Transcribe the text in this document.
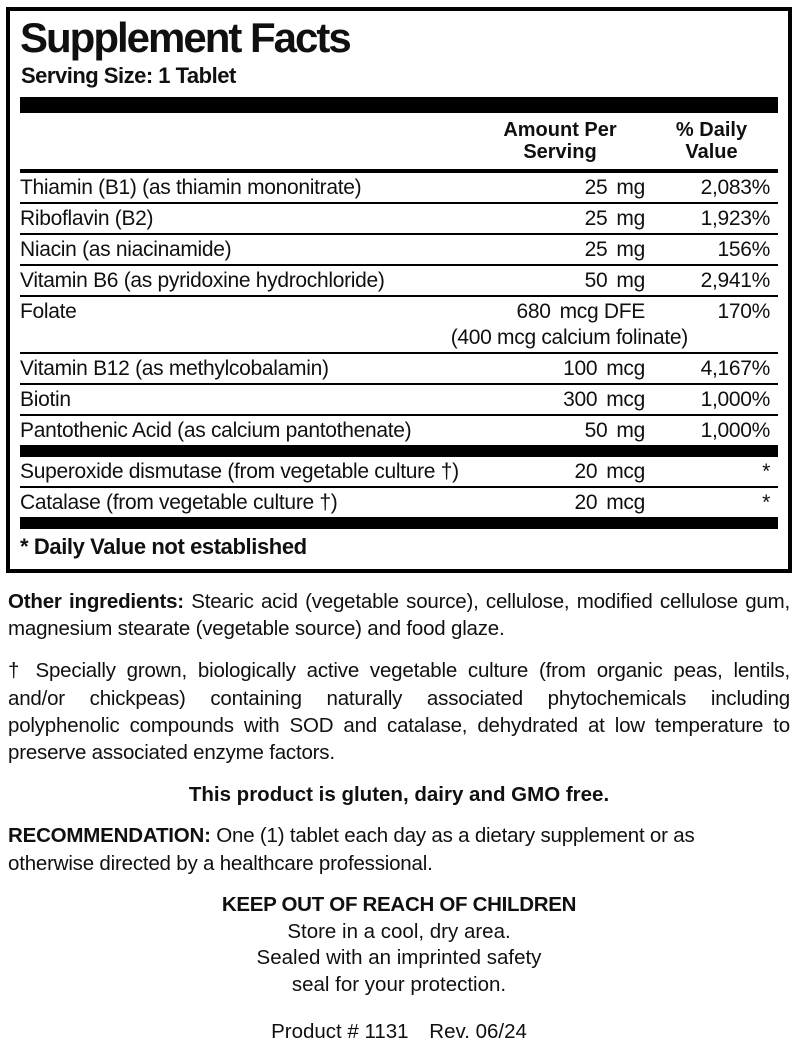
Supplement Facts
Serving Size: 1 Tablet
Amount Per
Serving
% Daily
Value
Thiamin (B1) (as thiamin mononitrate)	25 mg	2,083%
Riboflavin (B2)	25 mg	1,923%
Niacin (as niacinamide)	25 mg	156%
Vitamin B6 (as pyridoxine hydrochloride)	50 mg	2,941%
Folate	680 mcg DFE	170%
(400 mcg calcium folinate)
Vitamin B12 (as methylcobalamin)	100 mcg	4,167%
Biotin	300 mcg	1,000%
Pantothenic Acid (as calcium pantothenate)	50 mg	1,000%
Superoxide dismutase (from vegetable culture †)	20 mcg	*
Catalase (from vegetable culture †)	20 mcg	*
* Daily Value not established
Other ingredients: Stearic acid (vegetable source), cellulose, modified cellulose gum, magnesium stearate (vegetable source) and food glaze.
† Specially grown, biologically active vegetable culture (from organic peas, lentils, and/or chickpeas) containing naturally associated phytochemicals including polyphenolic compounds with SOD and catalase, dehydrated at low temperature to preserve associated enzyme factors.
This product is gluten, dairy and GMO free.
RECOMMENDATION: One (1) tablet each day as a dietary supplement or as otherwise directed by a healthcare professional.
KEEP OUT OF REACH OF CHILDREN
Store in a cool, dry area.
Sealed with an imprinted safety
seal for your protection.
Product # 1131 Rev. 06/24
